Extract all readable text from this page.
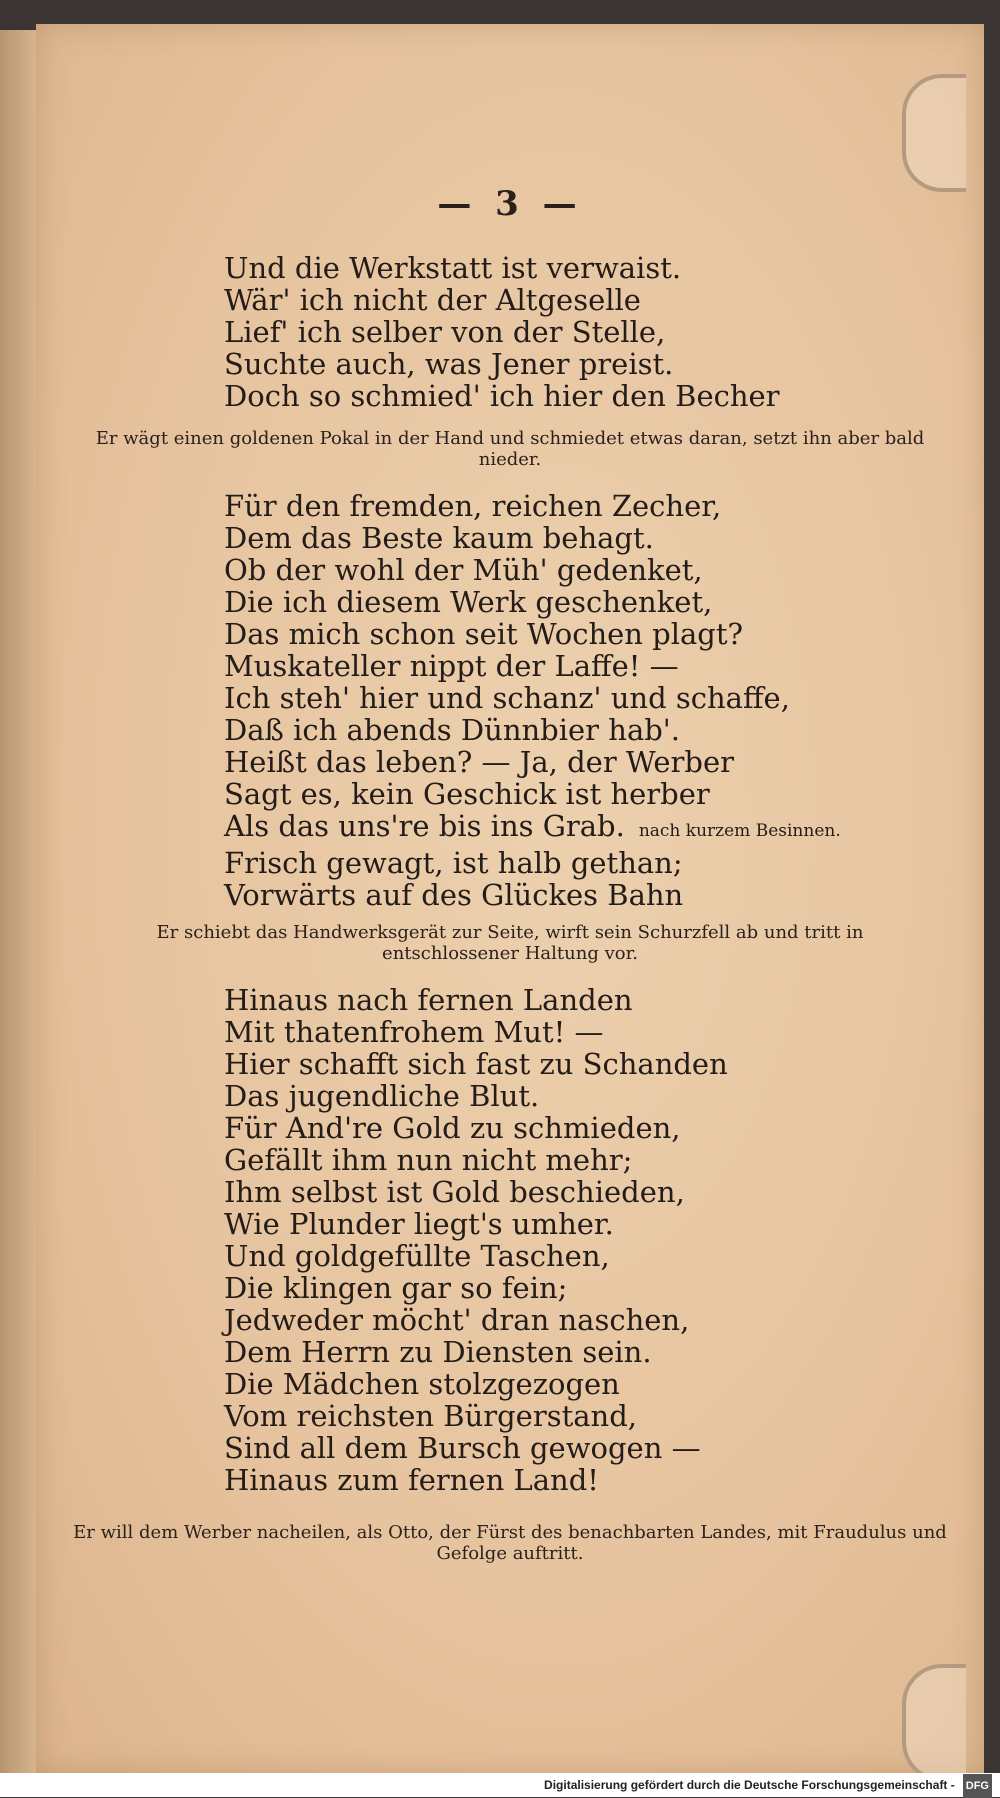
— 3 —

Und die Werkstatt ist verwaist.

Wär' ich nicht der Altgeselle

Lief' ich selber von der Stelle,

Suchte auch, was Jener preist.

Doch so schmied' ich hier den Becher

Er wägt einen goldenen Pokal in der Hand und schmiedet etwas daran, setzt ihn aber bald nieder.

Für den fremden, reichen Zecher,

Dem das Beste kaum behagt.

Ob der wohl der Müh' gedenket,

Die ich diesem Werk geschenket,

Das mich schon seit Wochen plagt?

Muskateller nippt der Laffe! —

Ich steh' hier und schanz' und schaffe,

Daß ich abends Dünnbier hab'.

Heißt das leben? — Ja, der Werber

Sagt es, kein Geschick ist herber

Als das uns're bis ins Grab. nach kurzem Besinnen.

Frisch gewagt, ist halb gethan;

Vorwärts auf des Glückes Bahn

Er schiebt das Handwerksgerät zur Seite, wirft sein Schurzfell ab und tritt in entschlossener Haltung vor.

Hinaus nach fernen Landen

Mit thatenfrohem Mut! —

Hier schafft sich fast zu Schanden

Das jugendliche Blut.

Für And're Gold zu schmieden,

Gefällt ihm nun nicht mehr;

Ihm selbst ist Gold beschieden,

Wie Plunder liegt's umher.

Und goldgefüllte Taschen,

Die klingen gar so fein;

Jedweder möcht' dran naschen,

Dem Herrn zu Diensten sein.

Die Mädchen stolzgezogen

Vom reichsten Bürgerstand,

Sind all dem Bursch gewogen —

Hinaus zum fernen Land!

Er will dem Werber nacheilen, als Otto, der Fürst des benachbarten Landes, mit Fraudulus und Gefolge auftritt.
Digitalisierung gefördert durch die Deutsche Forschungsgemeinschaft - DFG
